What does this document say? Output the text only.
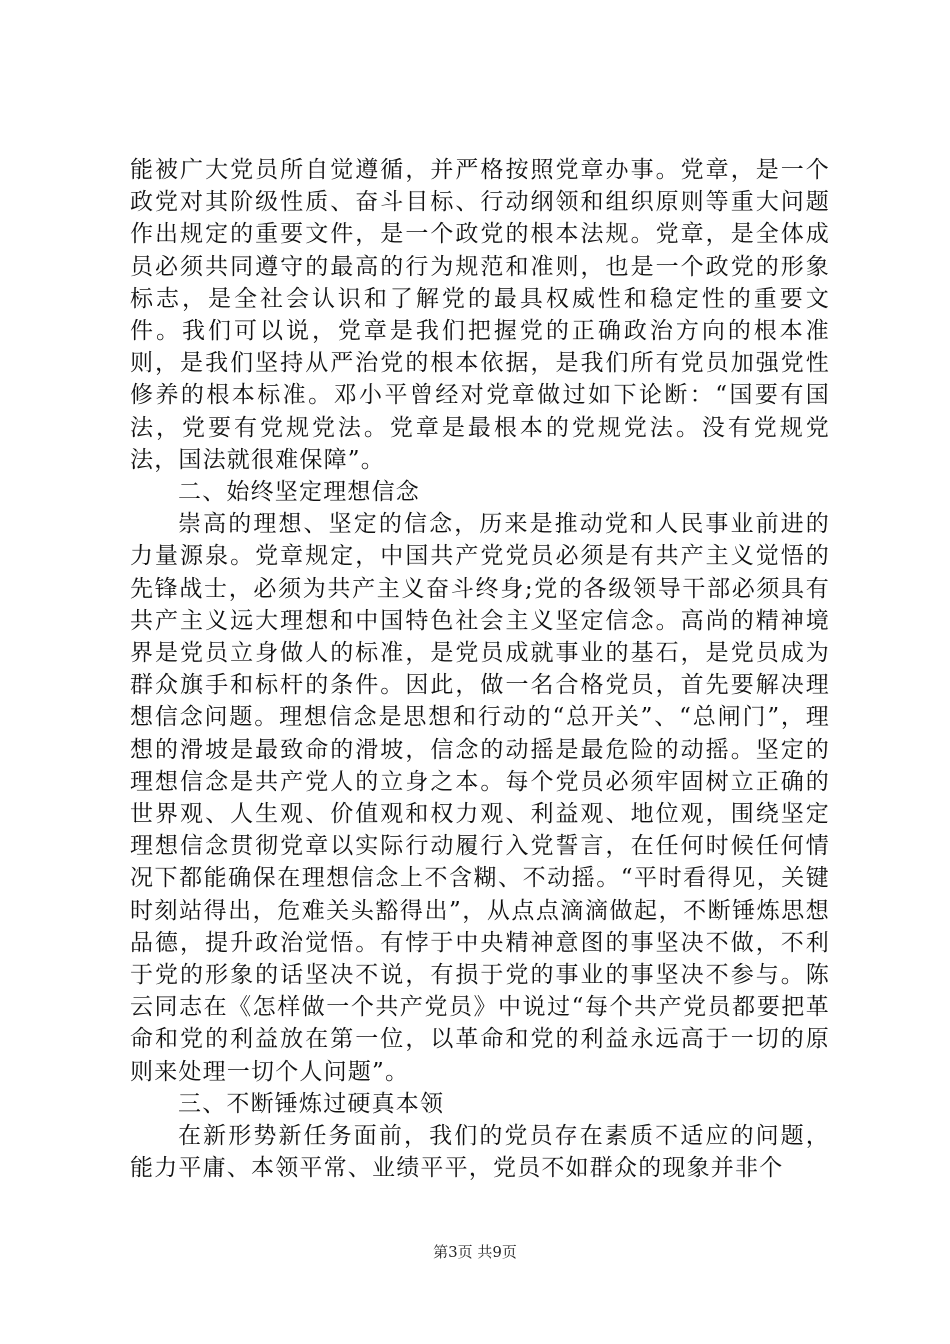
能被广大党员所自觉遵循，并严格按照党章办事。党章，是一个政党对其阶级性质、奋斗目标、行动纲领和组织原则等重大问题作出规定的重要文件，是一个政党的根本法规。党章，是全体成员必须共同遵守的最高的行为规范和准则，也是一个政党的形象标志，是全社会认识和了解党的最具权威性和稳定性的重要文件。我们可以说，党章是我们把握党的正确政治方向的根本准则，是我们坚持从严治党的根本依据，是我们所有党员加强党性修养的根本标准。邓小平曾经对党章做过如下论断：“国要有国法，党要有党规党法。党章是最根本的党规党法。没有党规党法，国法就很难保障”。

二、始终坚定理想信念

崇高的理想、坚定的信念，历来是推动党和人民事业前进的力量源泉。党章规定，中国共产党党员必须是有共产主义觉悟的先锋战士，必须为共产主义奋斗终身;党的各级领导干部必须具有共产主义远大理想和中国特色社会主义坚定信念。高尚的精神境界是党员立身做人的标准，是党员成就事业的基石，是党员成为群众旗手和标杆的条件。因此，做一名合格党员，首先要解决理想信念问题。理想信念是思想和行动的“总开关”、“总闸门”，理想的滑坡是最致命的滑坡，信念的动摇是最危险的动摇。坚定的理想信念是共产党人的立身之本。每个党员必须牢固树立正确的世界观、人生观、价值观和权力观、利益观、地位观，围绕坚定理想信念贯彻党章以实际行动履行入党誓言，在任何时候任何情况下都能确保在理想信念上不含糊、不动摇。“平时看得见，关键时刻站得出，危难关头豁得出”，从点点滴滴做起，不断锤炼思想品德，提升政治觉悟。有悖于中央精神意图的事坚决不做，不利于党的形象的话坚决不说，有损于党的事业的事坚决不参与。陈云同志在《怎样做一个共产党员》中说过“每个共产党员都要把革命和党的利益放在第一位，以革命和党的利益永远高于一切的原则来处理一切个人问题”。

三、不断锤炼过硬真本领

在新形势新任务面前，我们的党员存在素质不适应的问题，能力平庸、本领平常、业绩平平，党员不如群众的现象并非个

第3页 共9页
